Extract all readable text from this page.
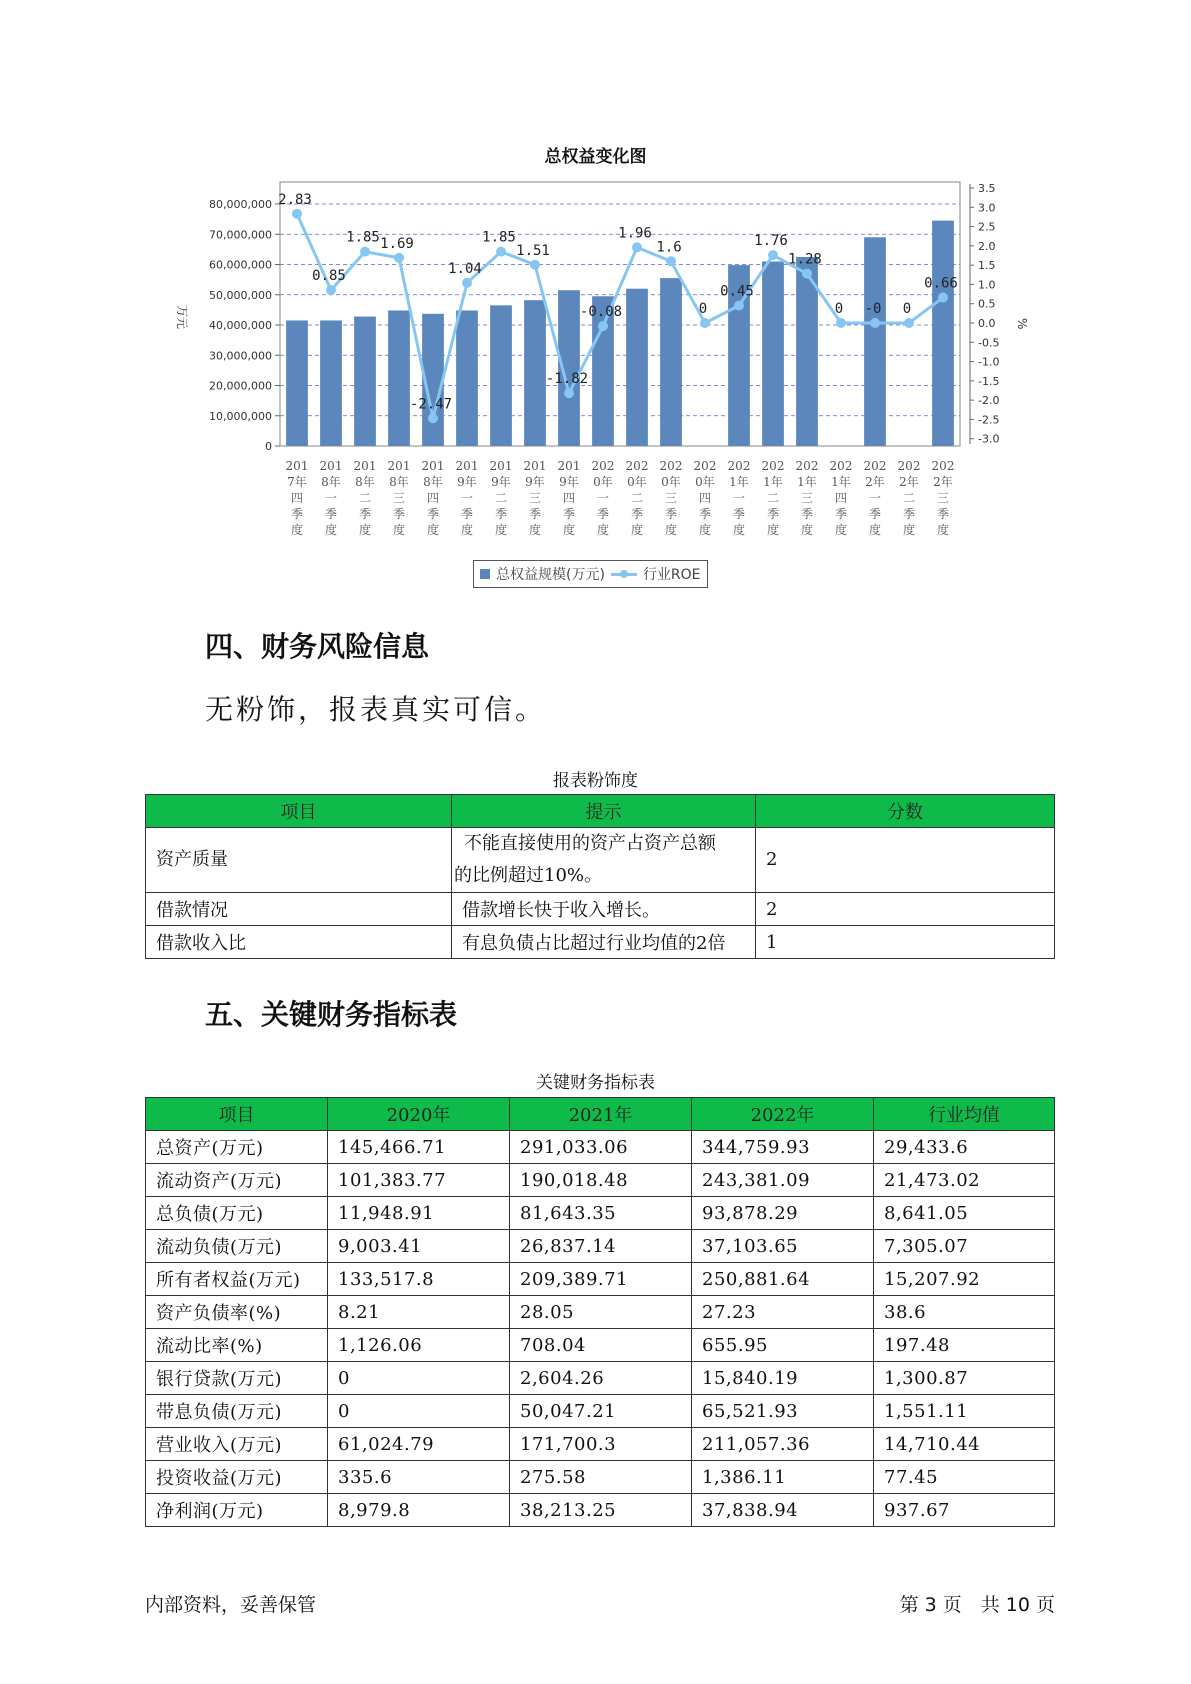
总权益变化图
0
10,000,000
20,000,000
30,000,000
40,000,000
50,000,000
60,000,000
70,000,000
80,000,000
-3.0
-2.5
-2.0
-1.5
-1.0
-0.5
0.0
0.5
1.0
1.5
2.0
2.5
3.0
3.5
万元	%
2.83
0.85
1.85 1.69
-2.47
1.04
1.85
1.51
-1.82
-0.08
1.96
1.6
0
0.45
1.76
1.28
0 -0 0
0.66
201
7年
四
季
度
201
8年
一
季
度
201
8年
二
季
度
201
8年
三
季
度
201
8年
四
季
度
201
9年
一
季
度
201
9年
二
季
度
201
9年
三
季
度
201
9年
四
季
度
202
0年
一
季
度
202
0年
二
季
度
202
0年
三
季
度
202
0年
四
季
度
202
1年
一
季
度
202
1年
二
季
度
202
1年
三
季
度
202
1年
四
季
度
202
2年
一
季
度
202
2年
二
季
度
202
2年
三
季
度
总权益规模(万元)	行业ROE
四、财务风险信息

无粉饰，报表真实可信。

报表粉饰度
项目	提示	分数
资产质量	不能直接使用的资产占资产总额
的比例超过10%。	2
借款情况	借款增长快于收入增长。	2
借款收入比	有息负债占比超过行业均值的2倍	1
五、关键财务指标表
关键财务指标表
项目	2020年	2021年	2022年	行业均值
总资产(万元)	145,466.71	291,033.06	344,759.93	29,433.6
流动资产(万元)	101,383.77	190,018.48	243,381.09	21,473.02
总负债(万元)	11,948.91	81,643.35	93,878.29	8,641.05
流动负债(万元)	9,003.41	26,837.14	37,103.65	7,305.07
所有者权益(万元)	133,517.8	209,389.71	250,881.64	15,207.92
资产负债率(%)	8.21	28.05	27.23	38.6
流动比率(%)	1,126.06	708.04	655.95	197.48
银行贷款(万元)	0	2,604.26	15,840.19	1,300.87
带息负债(万元)	0	50,047.21	65,521.93	1,551.11
营业收入(万元)	61,024.79	171,700.3	211,057.36	14,710.44
投资收益(万元)	335.6	275.58	1,386.11	77.45
净利润(万元)	8,979.8	38,213.25	37,838.94	937.67
内部资料，妥善保管	第 3 页　共 10 页
